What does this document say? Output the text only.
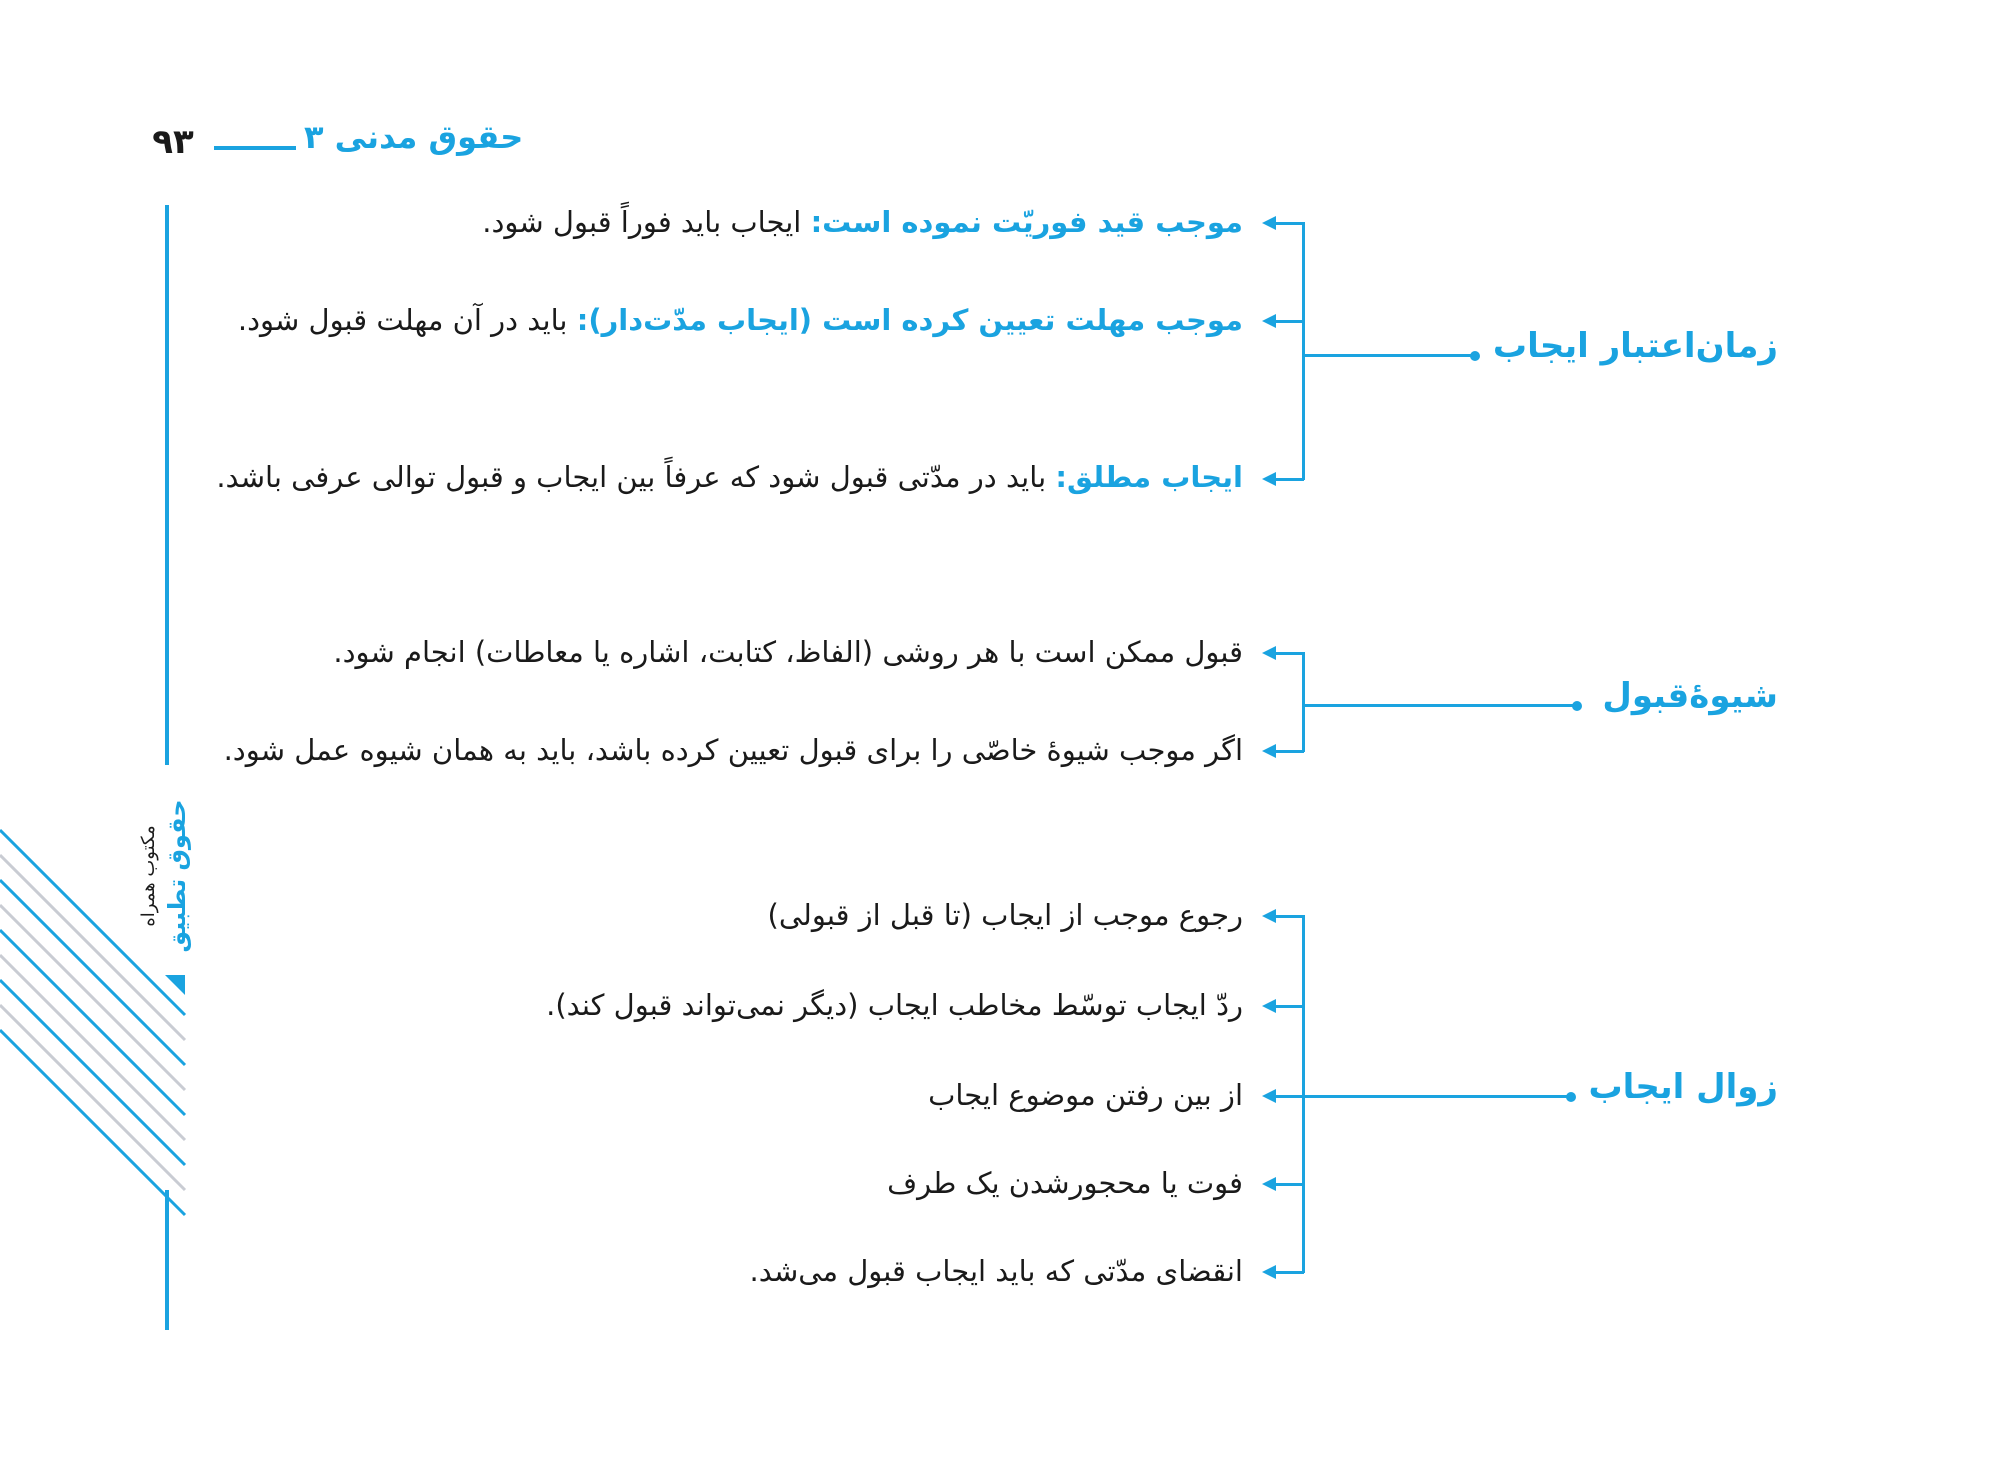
۹۳	حقوق مدنی ۳
مکتوب همراه حقوق تطبیق
زمان‌اعتبار ایجاب
موجب قید فوریّت نموده است: ایجاب باید فوراً قبول شود.
موجب مهلت تعیین کرده است (ایجاب مدّت‌دار): باید در آن مهلت قبول شود.
ایجاب مطلق: باید در مدّتی قبول شود که عرفاً بین ایجاب و قبول توالی عرفی باشد.
شیوهٔ‌قبول
قبول ممکن است با هر روشی (الفاظ، کتابت، اشاره یا معاطات) انجام شود.
اگر موجب شیوهٔ خاصّی را برای قبول تعیین کرده باشد، باید به همان شیوه عمل شود.
زوال ایجاب
رجوع موجب از ایجاب (تا قبل از قبولی)
ردّ ایجاب توسّط مخاطب ایجاب (دیگر نمی‌تواند قبول کند).
از بین رفتن موضوع ایجاب
فوت یا محجورشدن یک طرف
انقضای مدّتی که باید ایجاب قبول می‌شد.
